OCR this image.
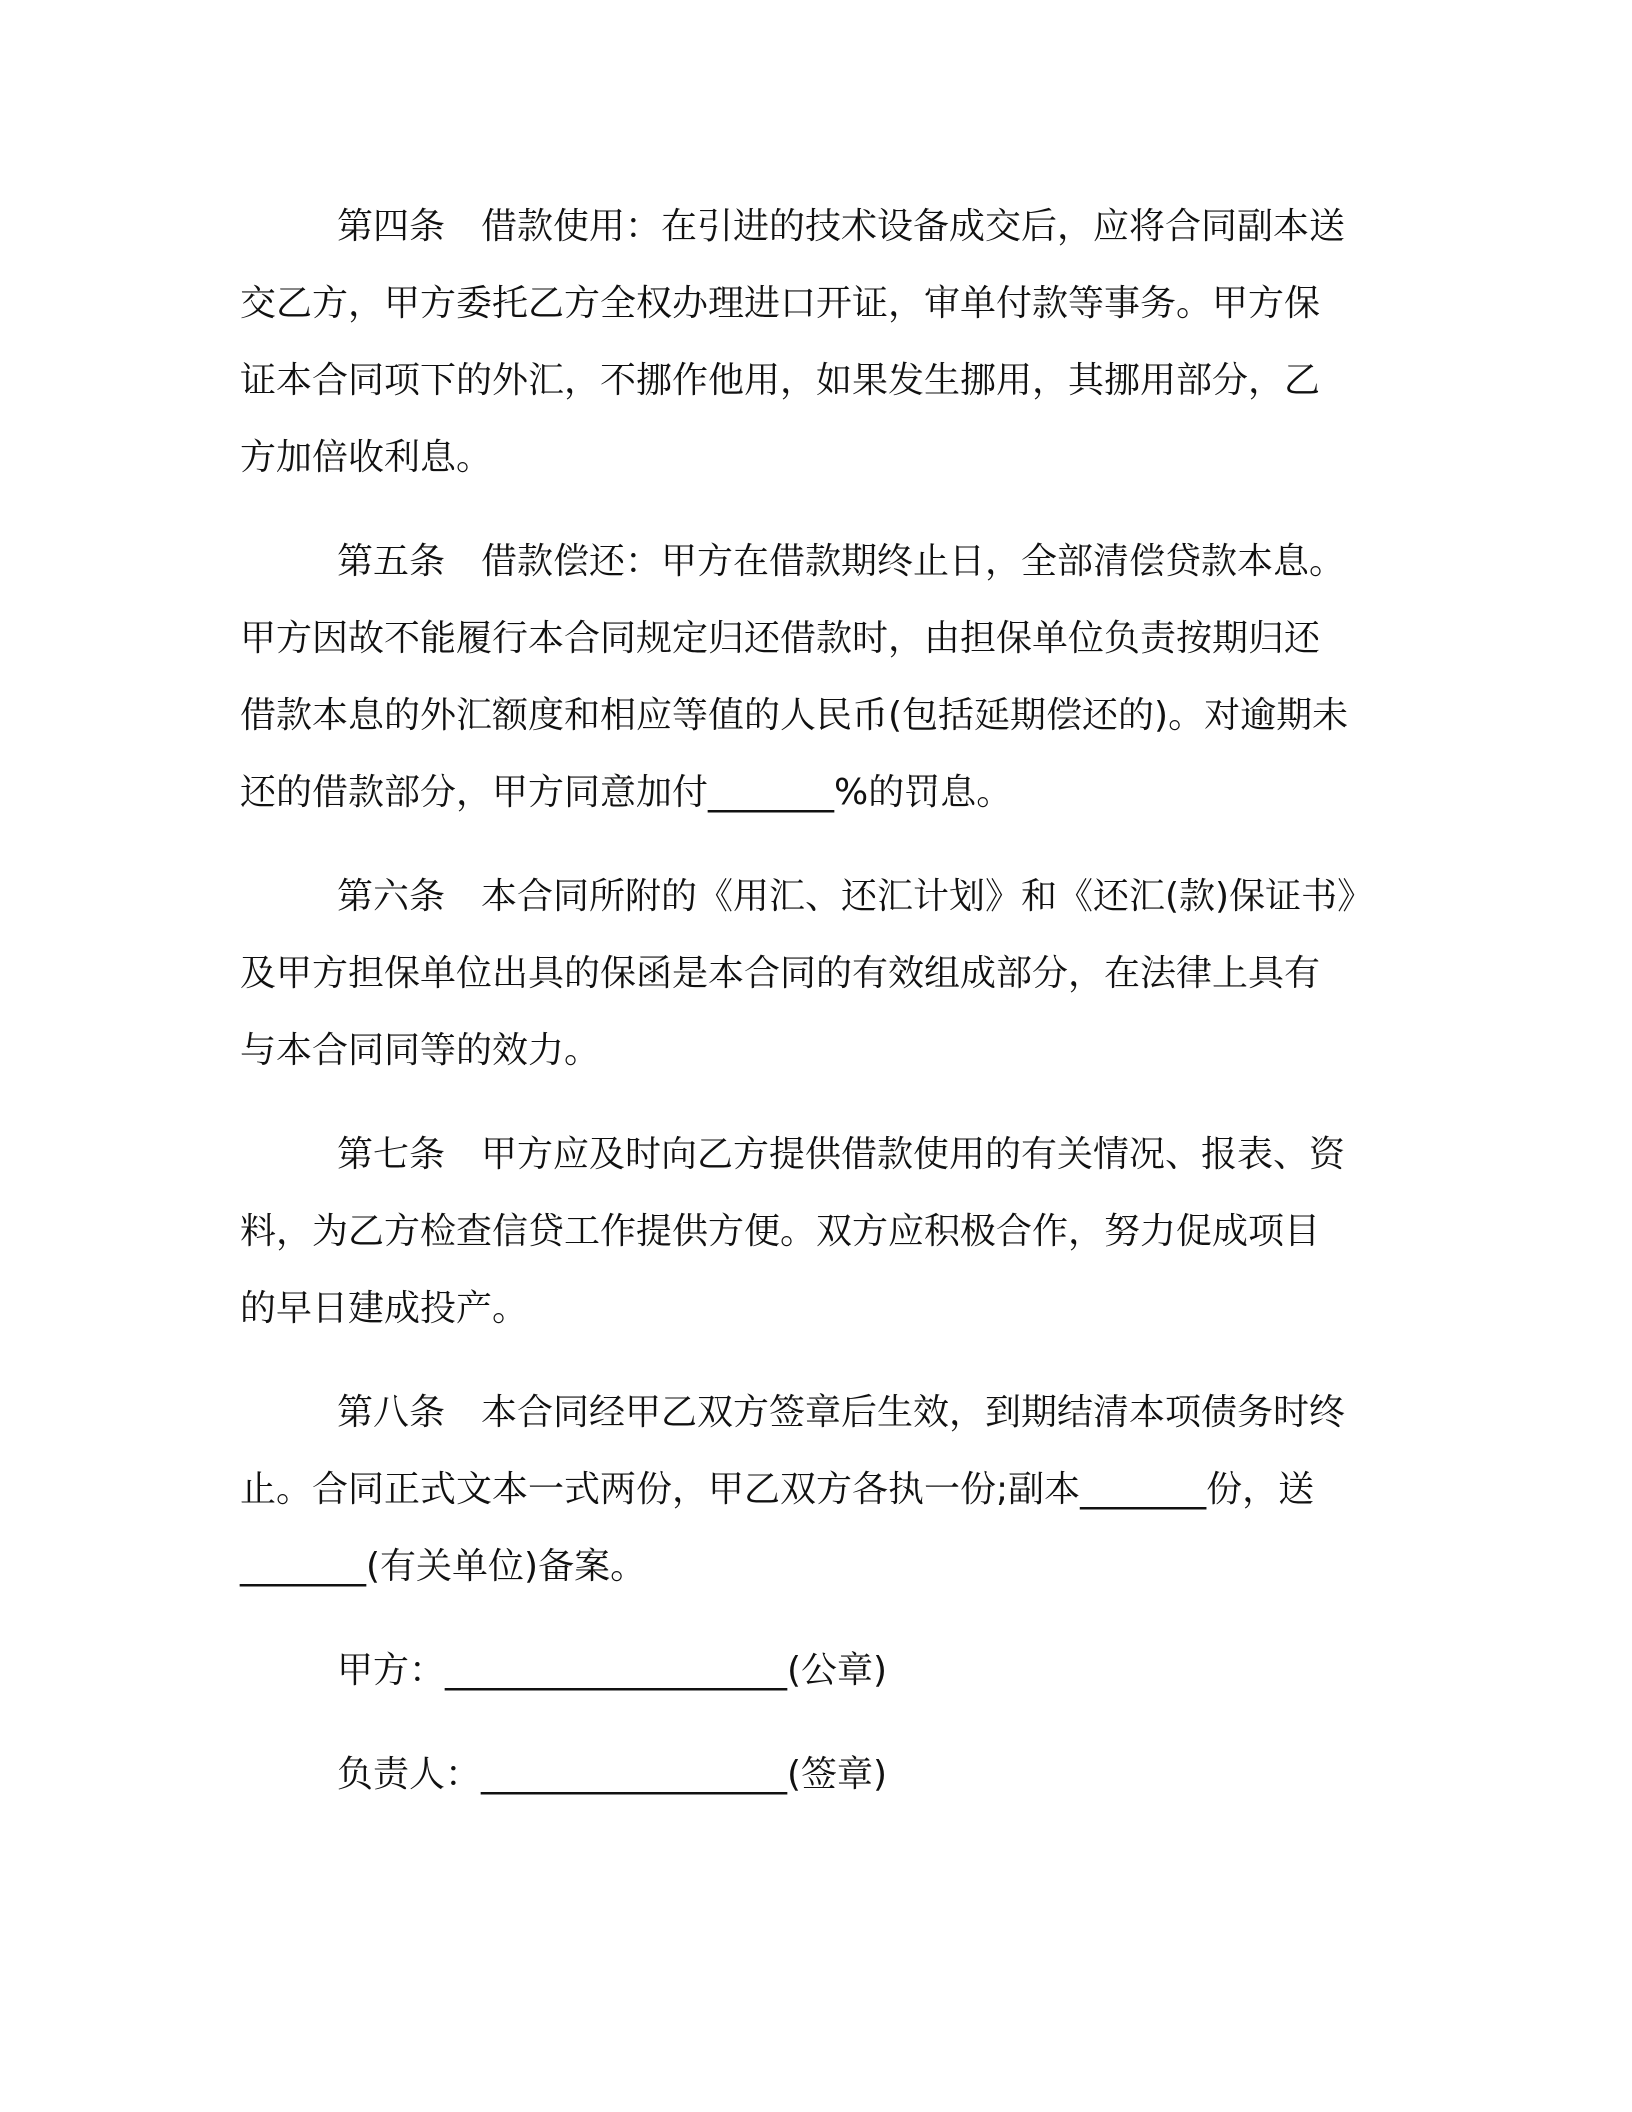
第四条 借款使用：在引进的技术设备成交后，应将合同副本送
交乙方，甲方委托乙方全权办理进口开证，审单付款等事务。甲方保
证本合同项下的外汇，不挪作他用，如果发生挪用，其挪用部分，乙
方加倍收利息。
第五条 借款偿还：甲方在借款期终止日，全部清偿贷款本息。
甲方因故不能履行本合同规定归还借款时，由担保单位负责按期归还
借款本息的外汇额度和相应等值的人民币(包括延期偿还的)。对逾期未
还的借款部分，甲方同意加付_______%的罚息。
第六条 本合同所附的《用汇、还汇计划》和《还汇(款)保证书》
及甲方担保单位出具的保函是本合同的有效组成部分，在法律上具有
与本合同同等的效力。
第七条 甲方应及时向乙方提供借款使用的有关情况、报表、资
料，为乙方检查信贷工作提供方便。双方应积极合作，努力促成项目
的早日建成投产。
第八条 本合同经甲乙双方签章后生效，到期结清本项债务时终
止。合同正式文本一式两份，甲乙双方各执一份;副本_______份，送
_______(有关单位)备案。
甲方：___________________(公章)
负责人：_________________(签章)
